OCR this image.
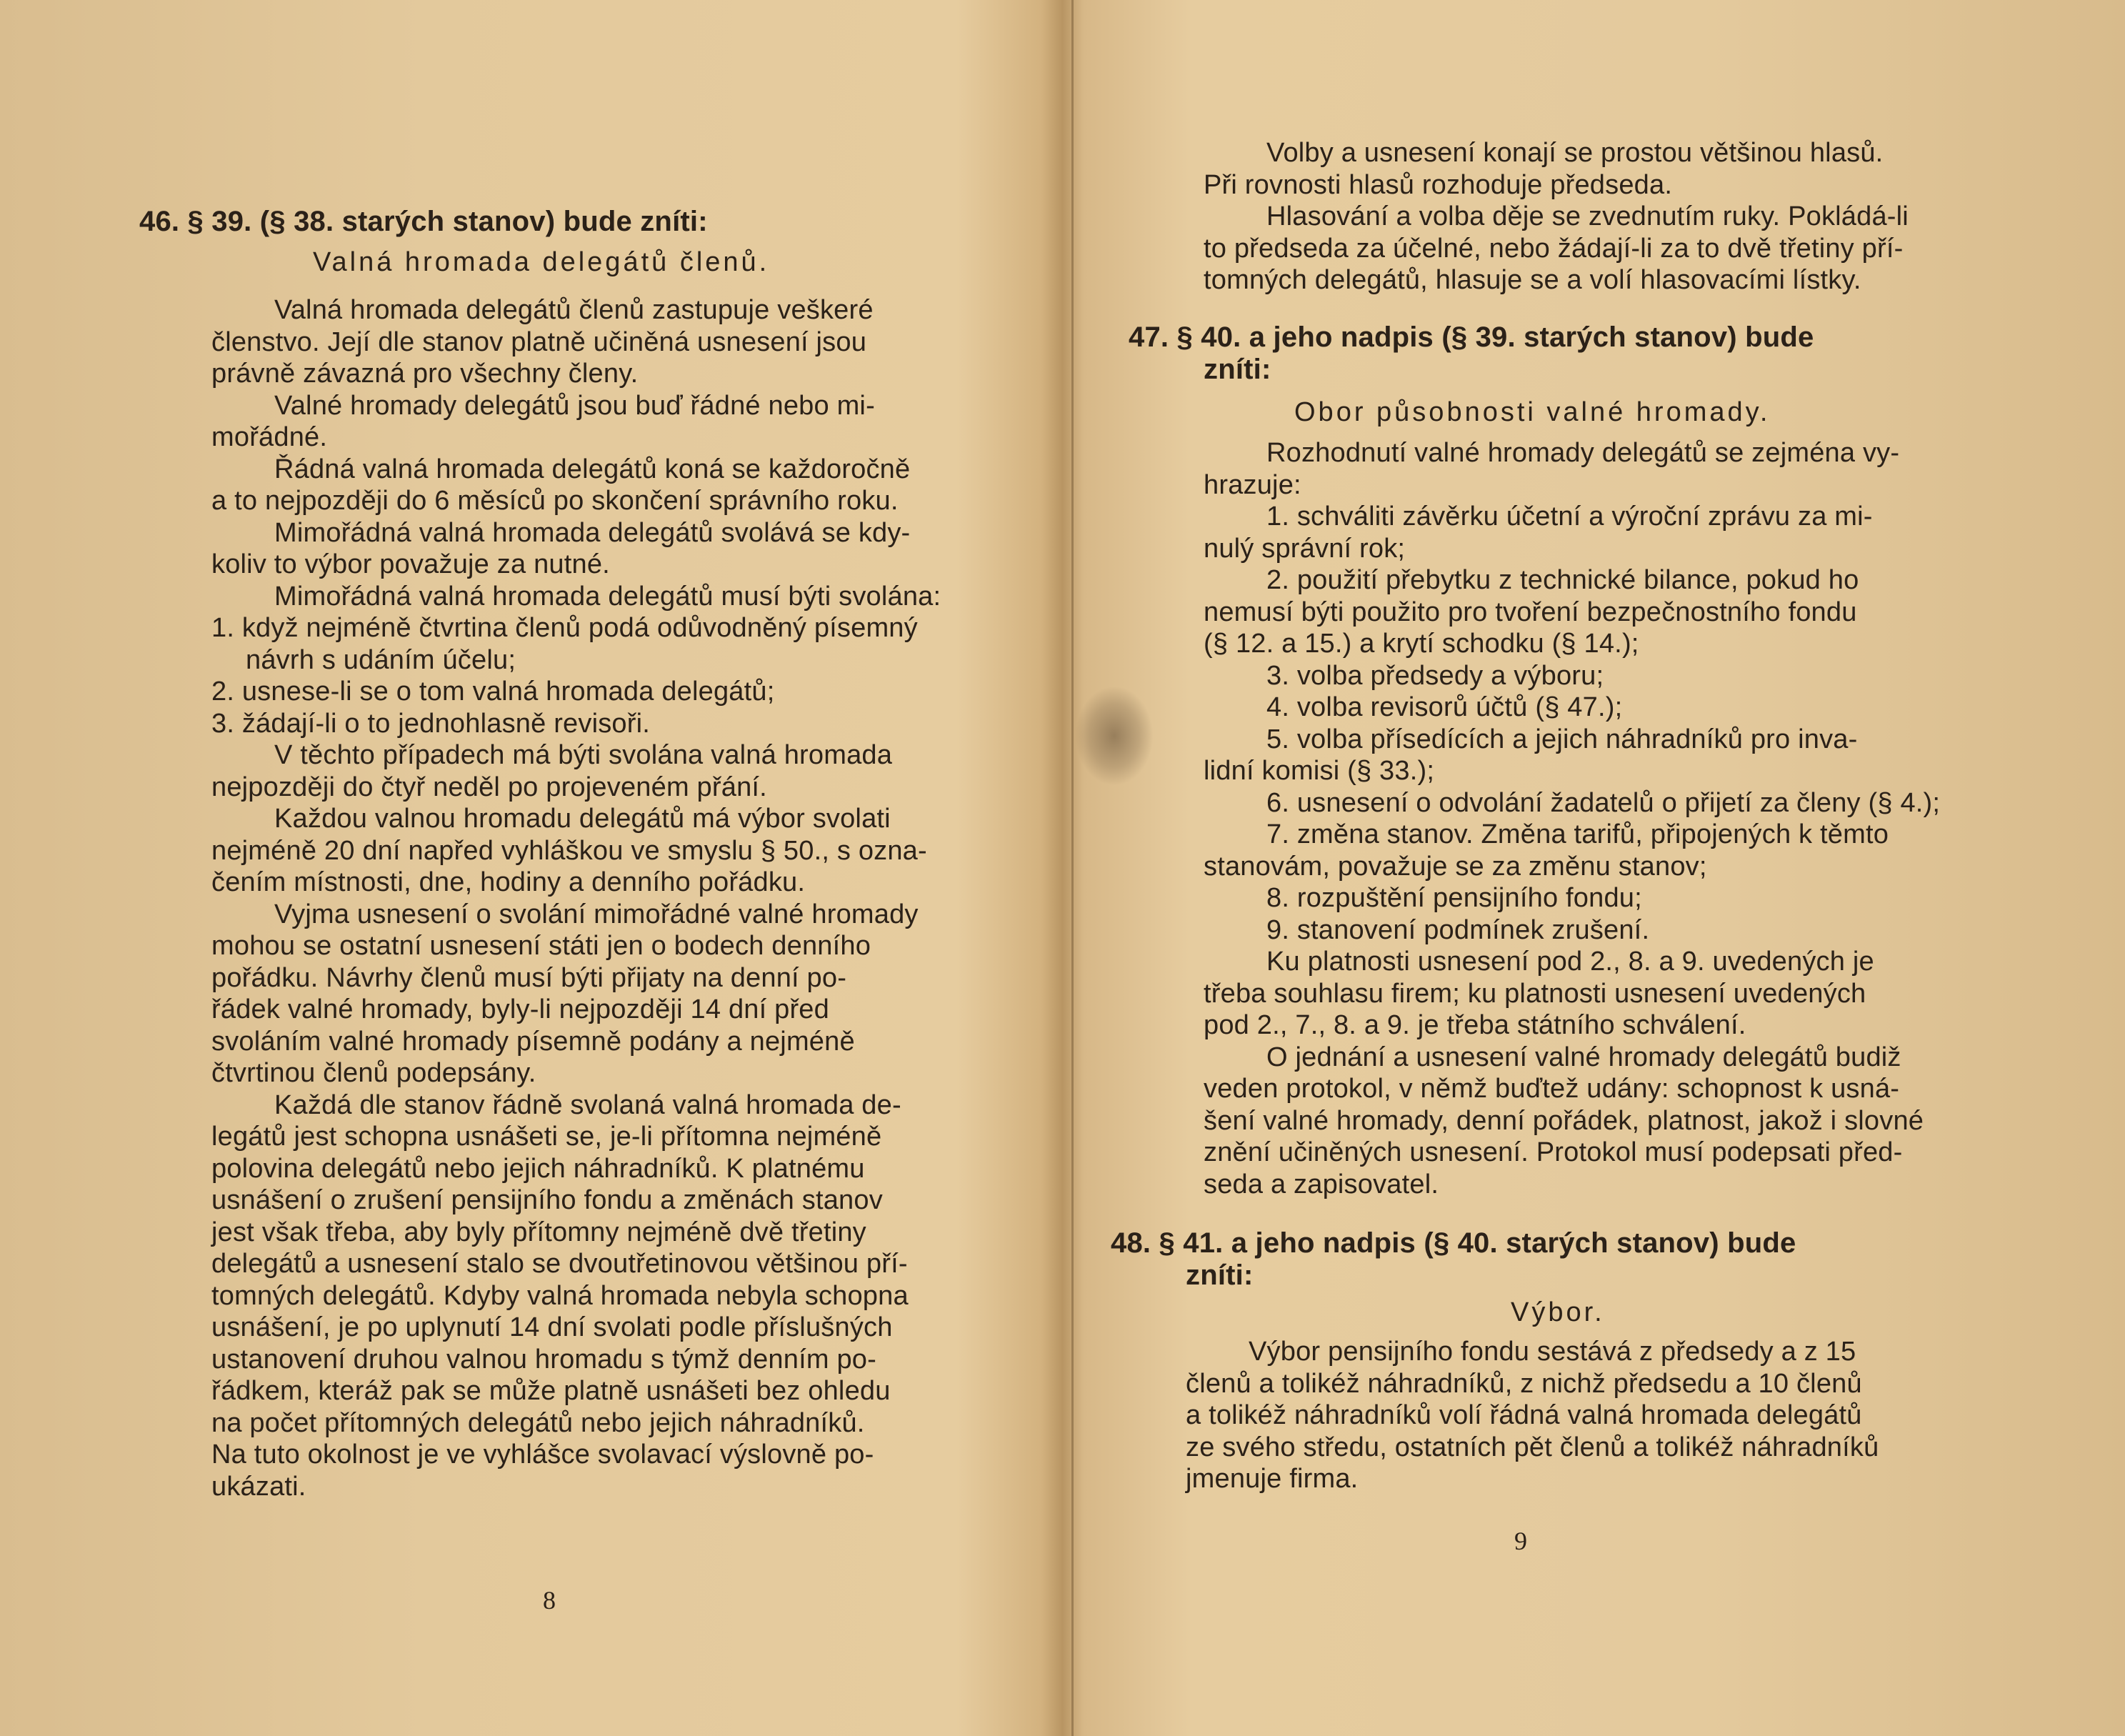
46. § 39. (§ 38. starých stanov) bude zníti:
Valná hromada delegátů členů.
Valná hromada delegátů členů zastupuje veškeré
členstvo. Její dle stanov platně učiněná usnesení jsou
právně závazná pro všechny členy.
Valné hromady delegátů jsou buď řádné nebo mi-
mořádné.
Řádná valná hromada delegátů koná se každoročně
a to nejpozději do 6 měsíců po skončení správního roku.
Mimořádná valná hromada delegátů svolává se kdy-
koliv to výbor považuje za nutné.
Mimořádná valná hromada delegátů musí býti svolána:
1. když nejméně čtvrtina členů podá odůvodněný písemný
návrh s udáním účelu;
2. usnese-li se o tom valná hromada delegátů;
3. žádají-li o to jednohlasně revisoři.
V těchto případech má býti svolána valná hromada
nejpozději do čtyř neděl po projeveném přání.
Každou valnou hromadu delegátů má výbor svolati
nejméně 20 dní napřed vyhláškou ve smyslu § 50., s ozna-
čením místnosti, dne, hodiny a denního pořádku.
Vyjma usnesení o svolání mimořádné valné hromady
mohou se ostatní usnesení státi jen o bodech denního
pořádku. Návrhy členů musí býti přijaty na denní po-
řádek valné hromady, byly-li nejpozději 14 dní před
svoláním valné hromady písemně podány a nejméně
čtvrtinou členů podepsány.
Každá dle stanov řádně svolaná valná hromada de-
legátů jest schopna usnášeti se, je-li přítomna nejméně
polovina delegátů nebo jejich náhradníků. K platnému
usnášení o zrušení pensijního fondu a změnách stanov
jest však třeba, aby byly přítomny nejméně dvě třetiny
delegátů a usnesení stalo se dvoutřetinovou většinou pří-
tomných delegátů. Kdyby valná hromada nebyla schopna
usnášení, je po uplynutí 14 dní svolati podle příslušných
ustanovení druhou valnou hromadu s týmž denním po-
řádkem, kteráž pak se může platně usnášeti bez ohledu
na počet přítomných delegátů nebo jejich náhradníků.
Na tuto okolnost je ve vyhlášce svolavací výslovně po-
ukázati.
8
Volby a usnesení konají se prostou většinou hlasů.
Při rovnosti hlasů rozhoduje předseda.
Hlasování a volba děje se zvednutím ruky. Pokládá-li
to předseda za účelné, nebo žádají-li za to dvě třetiny pří-
tomných delegátů, hlasuje se a volí hlasovacími lístky.
47. § 40. a jeho nadpis (§ 39. starých stanov) bude
zníti:
Obor působnosti valné hromady.
Rozhodnutí valné hromady delegátů se zejména vy-
hrazuje:
1. schváliti závěrku účetní a výroční zprávu za mi-
nulý správní rok;
2. použití přebytku z technické bilance, pokud ho
nemusí býti použito pro tvoření bezpečnostního fondu
(§ 12. a 15.) a krytí schodku (§ 14.);
3. volba předsedy a výboru;
4. volba revisorů účtů (§ 47.);
5. volba přísedících a jejich náhradníků pro inva-
lidní komisi (§ 33.);
6. usnesení o odvolání žadatelů o přijetí za členy (§ 4.);
7. změna stanov. Změna tarifů, připojených k těmto
stanovám, považuje se za změnu stanov;
8. rozpuštění pensijního fondu;
9. stanovení podmínek zrušení.
Ku platnosti usnesení pod 2., 8. a 9. uvedených je
třeba souhlasu firem; ku platnosti usnesení uvedených
pod 2., 7., 8. a 9. je třeba státního schválení.
O jednání a usnesení valné hromady delegátů budiž
veden protokol, v němž buďtež udány: schopnost k usná-
šení valné hromady, denní pořádek, platnost, jakož i slovné
znění učiněných usnesení. Protokol musí podepsati před-
seda a zapisovatel.
48. § 41. a jeho nadpis (§ 40. starých stanov) bude
zníti:
Výbor.
Výbor pensijního fondu sestává z předsedy a z 15
členů a tolikéž náhradníků, z nichž předsedu a 10 členů
a tolikéž náhradníků volí řádná valná hromada delegátů
ze svého středu, ostatních pět členů a tolikéž náhradníků
jmenuje firma.
9
